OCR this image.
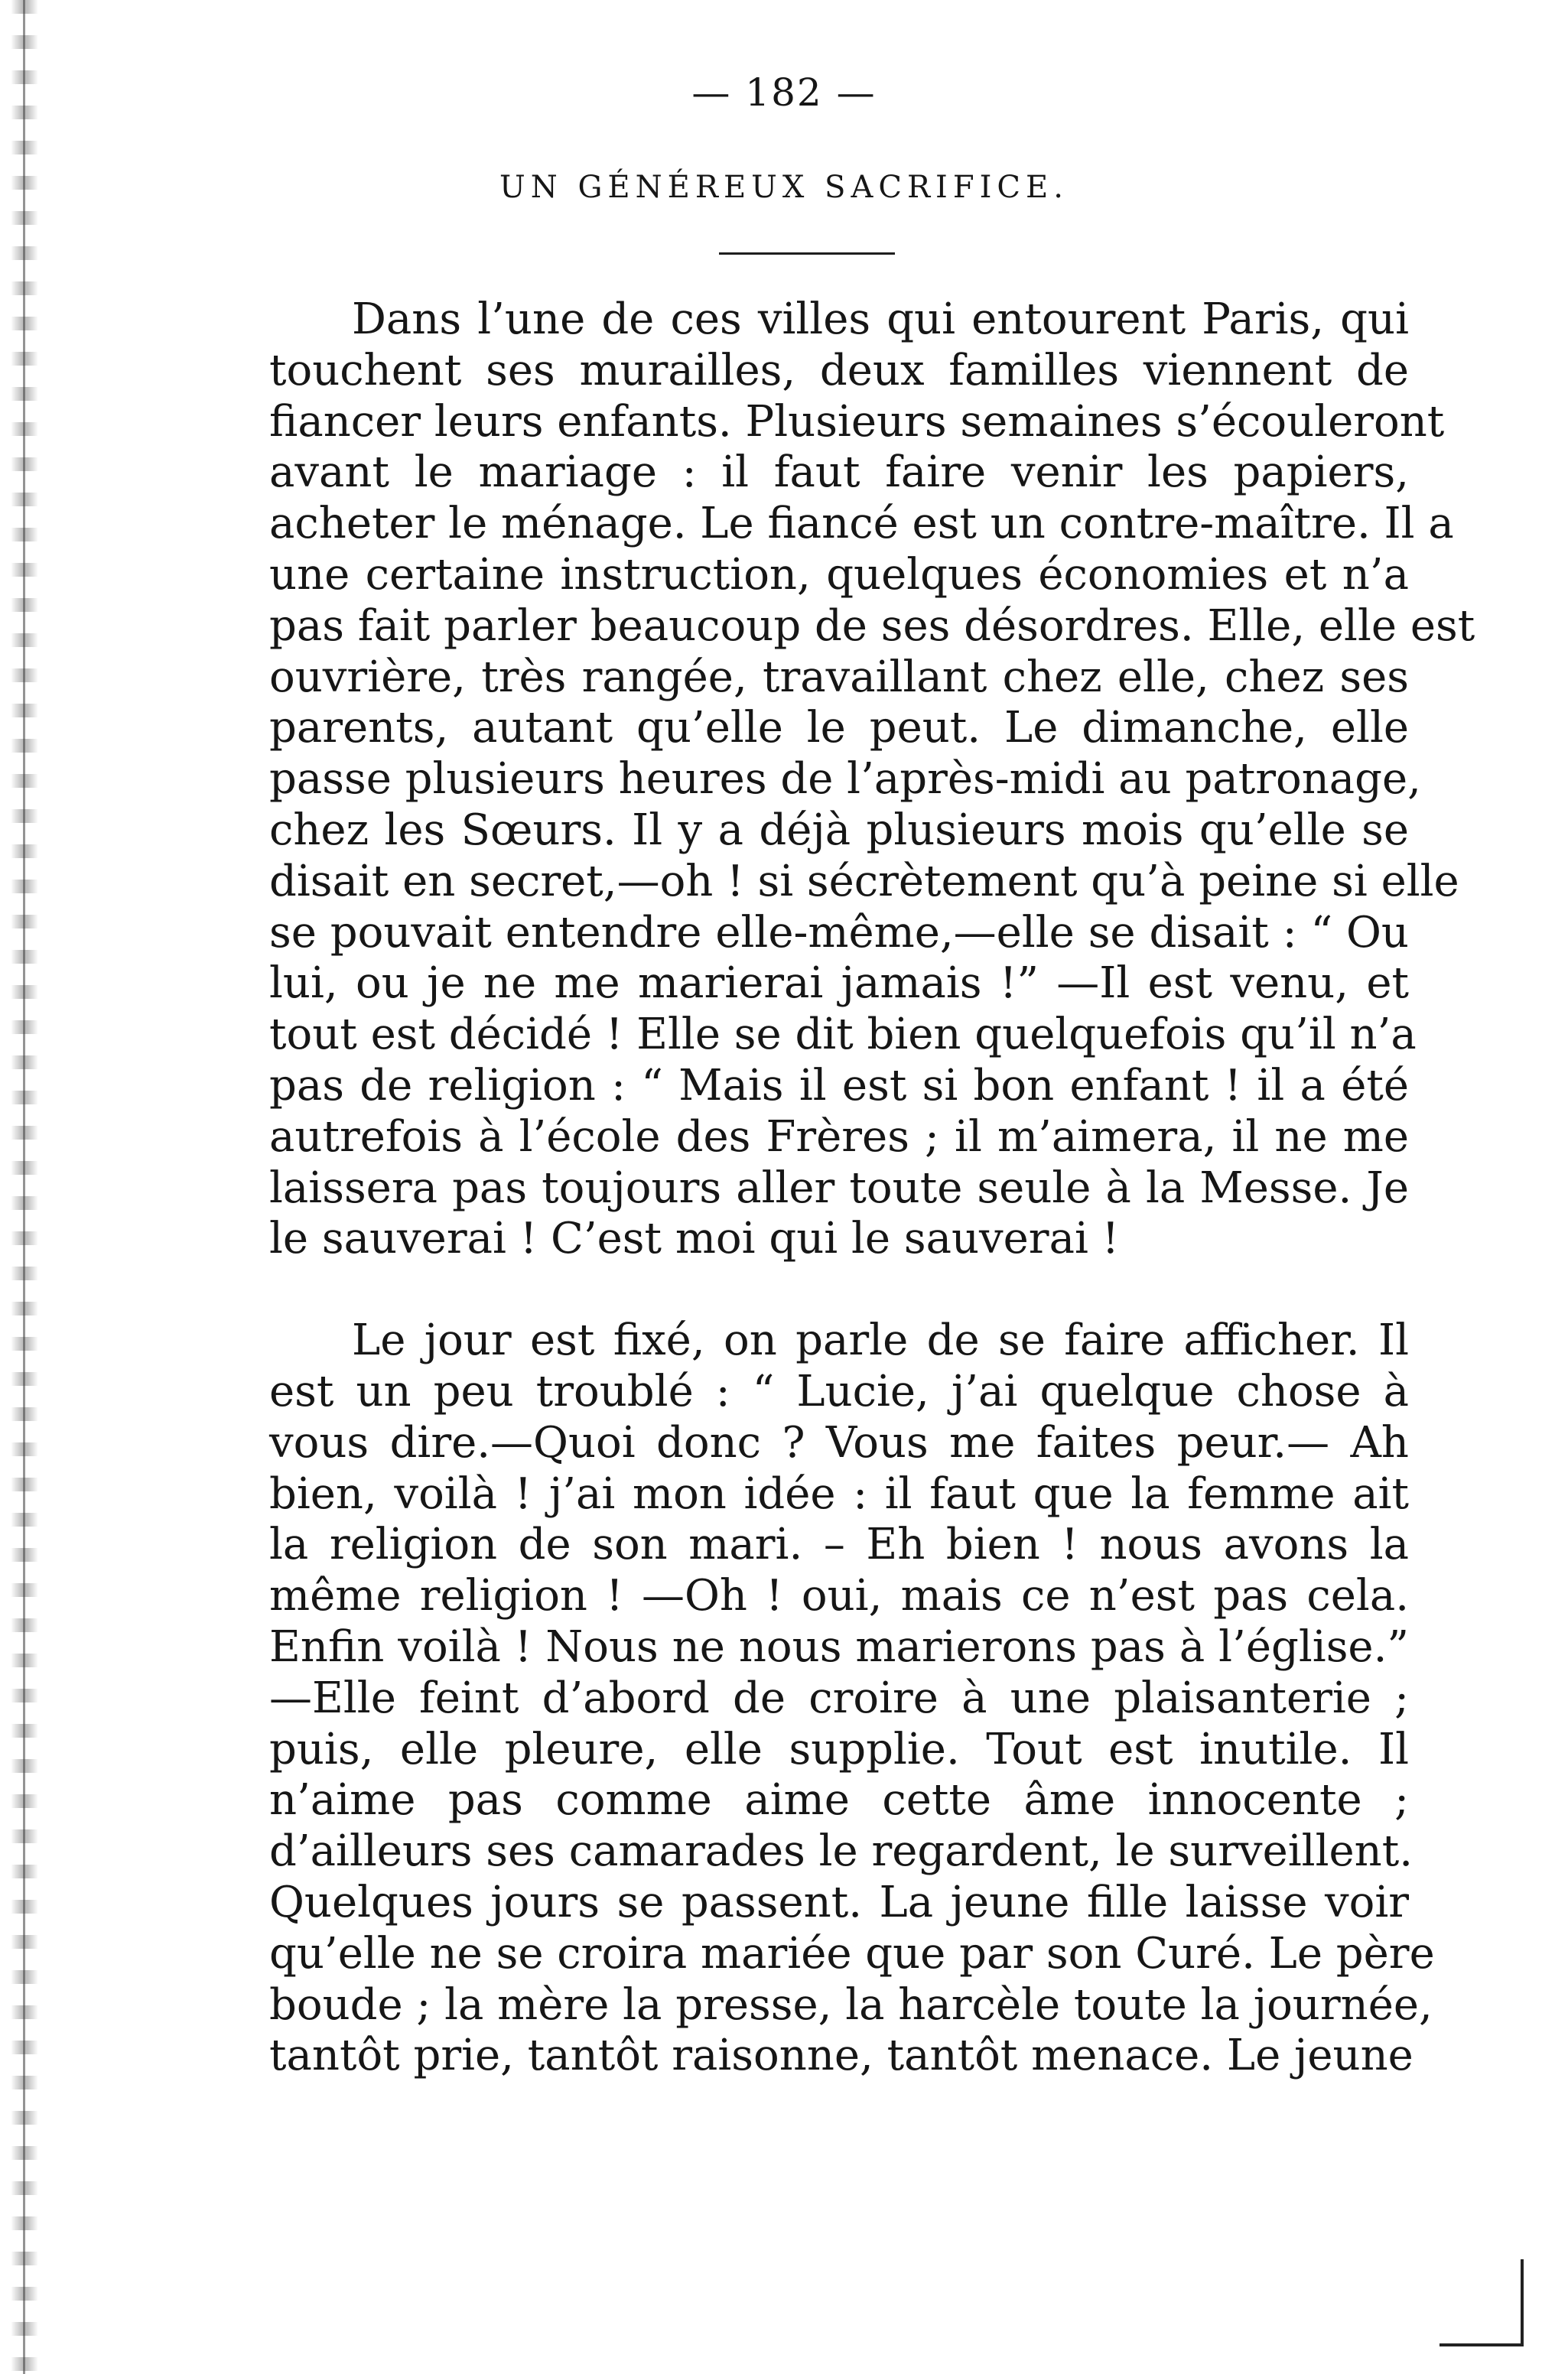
— 182 —
UN GÉNÉREUX SACRIFICE.
Dans l’une de ces villes qui entourent Paris, qui
touchent ses murailles, deux familles viennent de
fiancer leurs enfants. Plusieurs semaines s’écouleront
avant le mariage : il faut faire venir les papiers,
acheter le ménage. Le fiancé est un contre-maître. Il a
une certaine instruction, quelques économies et n’a
pas fait parler beaucoup de ses désordres. Elle, elle est
ouvrière, très rangée, travaillant chez elle, chez ses
parents, autant qu’elle le peut. Le dimanche, elle
passe plusieurs heures de l’après-midi au patronage,
chez les Sœurs. Il y a déjà plusieurs mois qu’elle se
disait en secret,—oh ! si sécrètement qu’à peine si elle
se pouvait entendre elle-même,—elle se disait : “ Ou
lui, ou je ne me marierai jamais !” —Il est venu, et
tout est décidé ! Elle se dit bien quelquefois qu’il n’a
pas de religion : “ Mais il est si bon enfant ! il a été
autrefois à l’école des Frères ; il m’aimera, il ne me
laissera pas toujours aller toute seule à la Messe. Je
le sauverai ! C’est moi qui le sauverai !
Le jour est fixé, on parle de se faire afficher. Il
est un peu troublé : “ Lucie, j’ai quelque chose à
vous dire.—Quoi donc ? Vous me faites peur.— Ah
bien, voilà ! j’ai mon idée : il faut que la femme ait
la religion de son mari. – Eh bien ! nous avons la
même religion ! —Oh ! oui, mais ce n’est pas cela.
Enfin voilà ! Nous ne nous marierons pas à l’église.”
—Elle feint d’abord de croire à une plaisanterie ;
puis, elle pleure, elle supplie. Tout est inutile. Il
n’aime pas comme aime cette âme innocente ;
d’ailleurs ses camarades le regardent, le surveillent.
Quelques jours se passent. La jeune fille laisse voir
qu’elle ne se croira mariée que par son Curé. Le père
boude ; la mère la presse, la harcèle toute la journée,
tantôt prie, tantôt raisonne, tantôt menace. Le jeune
